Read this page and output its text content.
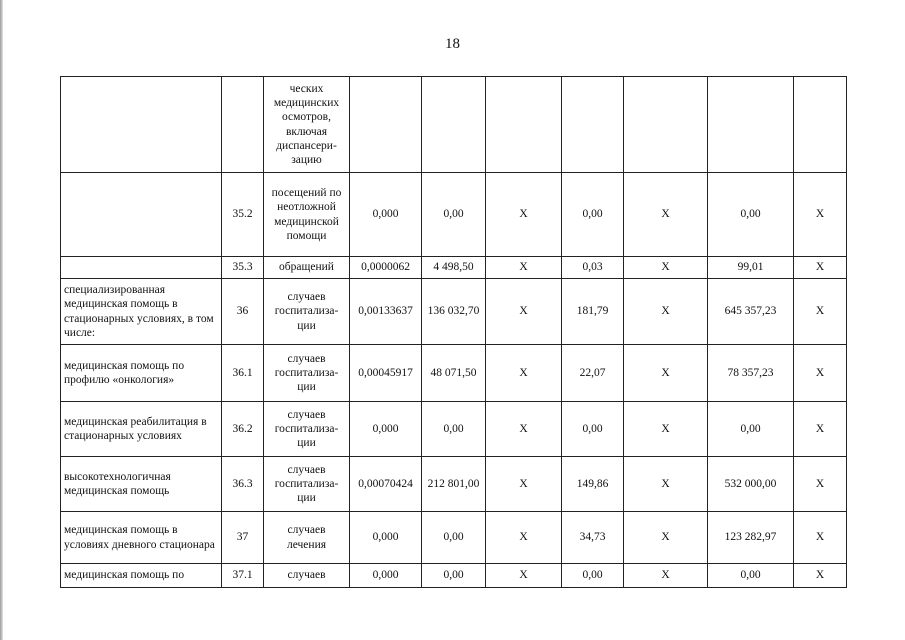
18
		ческих медицинских осмотров, включая диспансери- зацию							
	35.2	посещений по неотложной медицинской помощи	0,000	0,00	X	0,00	X	0,00	X
	35.3	обращений	0,0000062	4 498,50	X	0,03	X	99,01	X
специализированная медицинская помощь в стационарных условиях, в том числе:	36	случаев госпитализа- ции	0,00133637	136 032,70	X	181,79	X	645 357,23	X
медицинская помощь по профилю «онкология»	36.1	случаев госпитализа- ции	0,00045917	48 071,50	X	22,07	X	78 357,23	X
медицинская реабилитация в стационарных условиях	36.2	случаев госпитализа- ции	0,000	0,00	X	0,00	X	0,00	X
высокотехнологичная медицинская помощь	36.3	случаев госпитализа- ции	0,00070424	212 801,00	X	149,86	X	532 000,00	X
медицинская помощь в условиях дневного стационара	37	случаев лечения	0,000	0,00	X	34,73	X	123 282,97	X
медицинская помощь по	37.1	случаев	0,000	0,00	X	0,00	X	0,00	X
